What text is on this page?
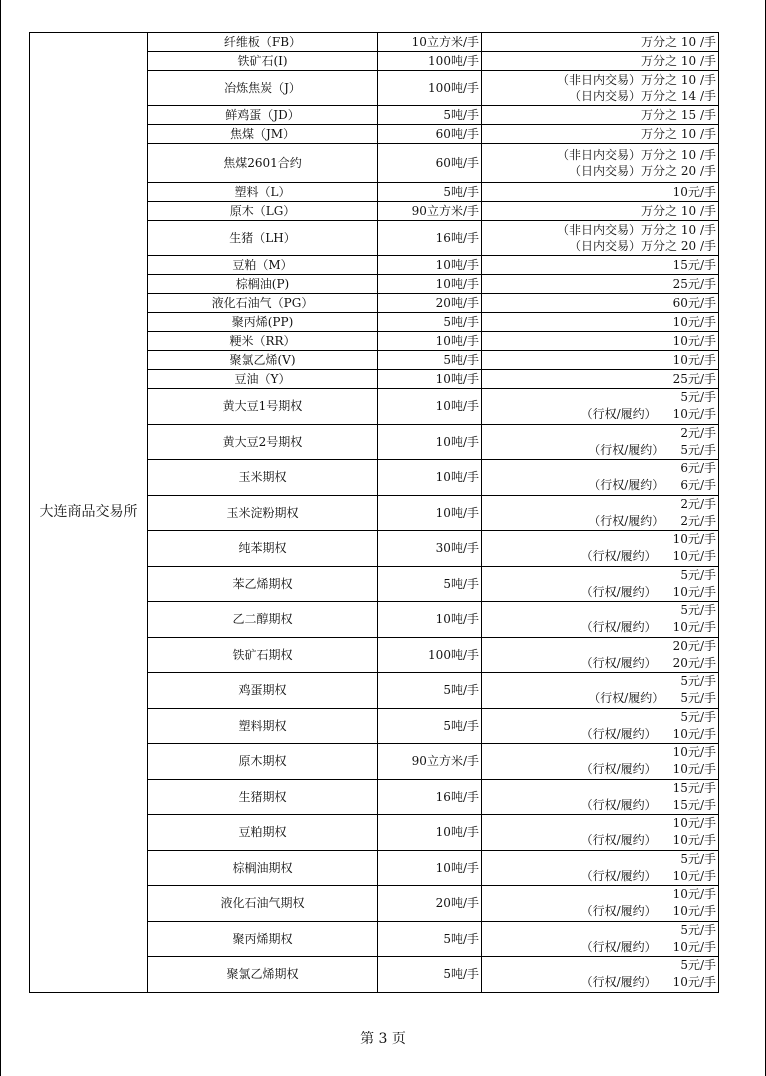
大连商品交易所	纤维板（FB）	10立方米/手	万分之 10 /手

	铁矿石(I)	100吨/手	万分之 10 /手

	冶炼焦炭（J）	100吨/手	（非日内交易）万分之 10 /手
（日内交易）万分之 14 /手

	鲜鸡蛋（JD）	5吨/手	万分之 15 /手

	焦煤（JM）	60吨/手	万分之 10 /手

	焦煤2601合约	60吨/手	（非日内交易）万分之 10 /手
（日内交易）万分之 20 /手

	塑料（L）	5吨/手	10元/手

	原木（LG）	90立方米/手	万分之 10 /手

	生猪（LH）	16吨/手	（非日内交易）万分之 10 /手
（日内交易）万分之 20 /手

	豆粕（M）	10吨/手	15元/手

	棕榈油(P)	10吨/手	25元/手

	液化石油气（PG）	20吨/手	60元/手

	聚丙烯(PP)	5吨/手	10元/手

	粳米（RR）	10吨/手	10元/手

	聚氯乙烯(V)	5吨/手	10元/手

	豆油（Y）	10吨/手	25元/手

	黄大豆1号期权	10吨/手	5元/手
（行权/履约） 10元/手

	黄大豆2号期权	10吨/手	2元/手
（行权/履约） 5元/手

	玉米期权	10吨/手	6元/手
（行权/履约） 6元/手

	玉米淀粉期权	10吨/手	2元/手
（行权/履约） 2元/手

	纯苯期权	30吨/手	10元/手
（行权/履约） 10元/手

	苯乙烯期权	5吨/手	5元/手
（行权/履约） 10元/手

	乙二醇期权	10吨/手	5元/手
（行权/履约） 10元/手

	铁矿石期权	100吨/手	20元/手
（行权/履约） 20元/手

	鸡蛋期权	5吨/手	5元/手
（行权/履约） 5元/手

	塑料期权	5吨/手	5元/手
（行权/履约） 10元/手

	原木期权	90立方米/手	10元/手
（行权/履约） 10元/手

	生猪期权	16吨/手	15元/手
（行权/履约） 15元/手

	豆粕期权	10吨/手	10元/手
（行权/履约） 10元/手

	棕榈油期权	10吨/手	5元/手
（行权/履约） 10元/手

	液化石油气期权	20吨/手	10元/手
（行权/履约） 10元/手

	聚丙烯期权	5吨/手	5元/手
（行权/履约） 10元/手

	聚氯乙烯期权	5吨/手	5元/手
（行权/履约） 10元/手
第 3 页
